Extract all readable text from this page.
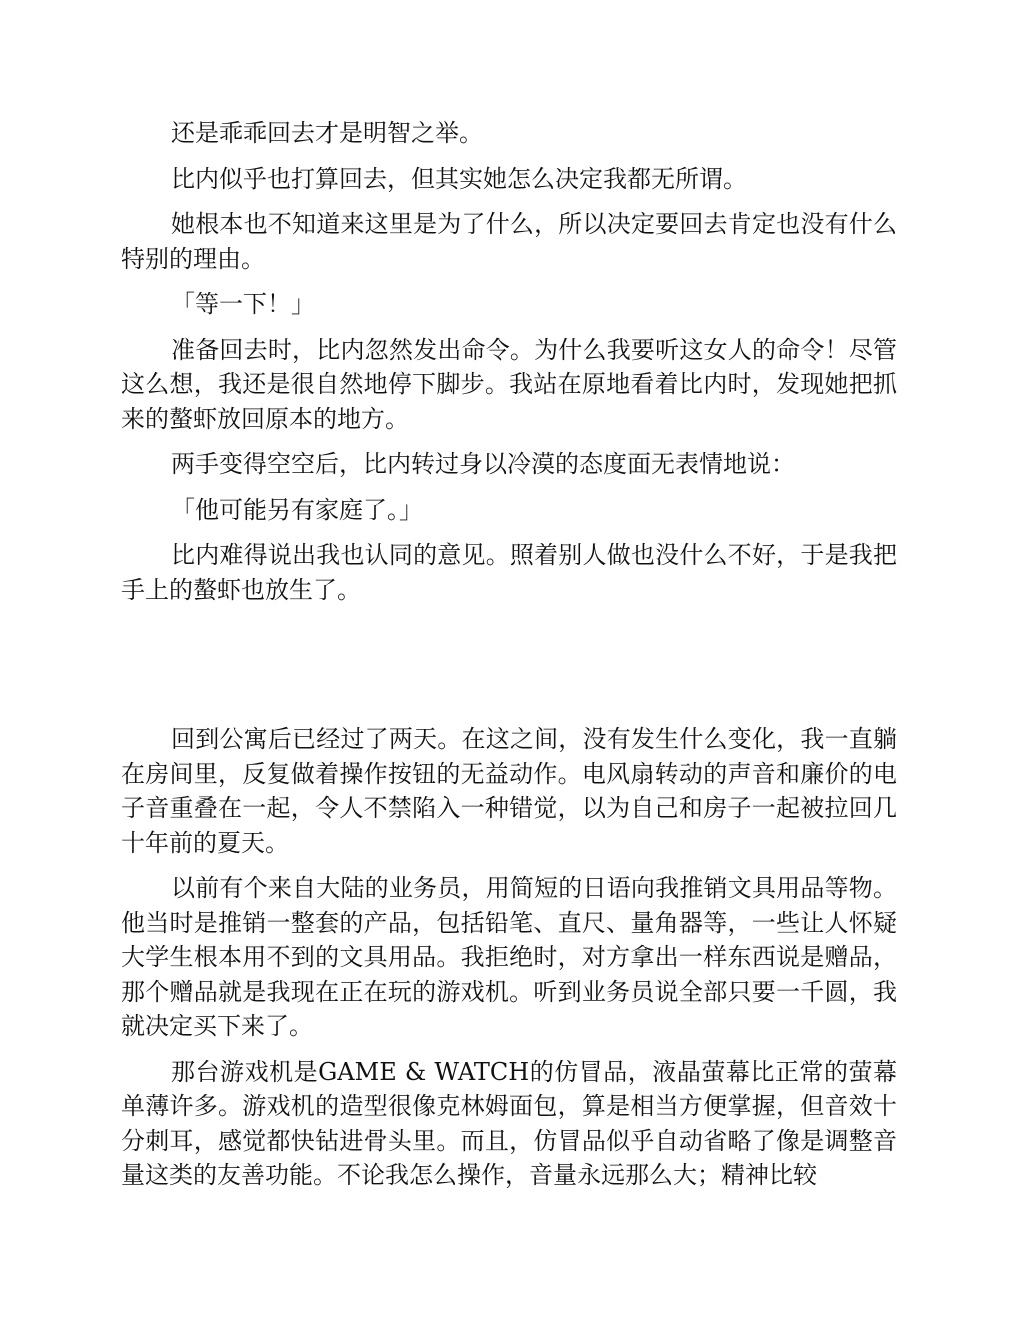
还是乖乖回去才是明智之举。

比内似乎也打算回去，但其实她怎么决定我都无所谓。

她根本也不知道来这里是为了什么，所以决定要回去肯定也没有什么特别的理由。

「等一下！」

准备回去时，比内忽然发出命令。为什么我要听这女人的命令！尽管这么想，我还是很自然地停下脚步。我站在原地看着比内时，发现她把抓来的螯虾放回原本的地方。

两手变得空空后，比内转过身以冷漠的态度面无表情地说：

「他可能另有家庭了。」

比内难得说出我也认同的意见。照着别人做也没什么不好，于是我把手上的螯虾也放生了。

回到公寓后已经过了两天。在这之间，没有发生什么变化，我一直躺在房间里，反复做着操作按钮的无益动作。电风扇转动的声音和廉价的电子音重叠在一起，令人不禁陷入一种错觉，以为自己和房子一起被拉回几十年前的夏天。

以前有个来自大陆的业务员，用简短的日语向我推销文具用品等物。他当时是推销一整套的产品，包括铅笔、直尺、量角器等，一些让人怀疑大学生根本用不到的文具用品。我拒绝时，对方拿出一样东西说是赠品，那个赠品就是我现在正在玩的游戏机。听到业务员说全部只要一千圆，我就决定买下来了。

那台游戏机是GAME & WATCH的仿冒品，液晶萤幕比正常的萤幕单薄许多。游戏机的造型很像克林姆面包，算是相当方便掌握，但音效十分刺耳，感觉都快钻进骨头里。而且，仿冒品似乎自动省略了像是调整音量这类的友善功能。不论我怎么操作，音量永远那么大；精神比较
